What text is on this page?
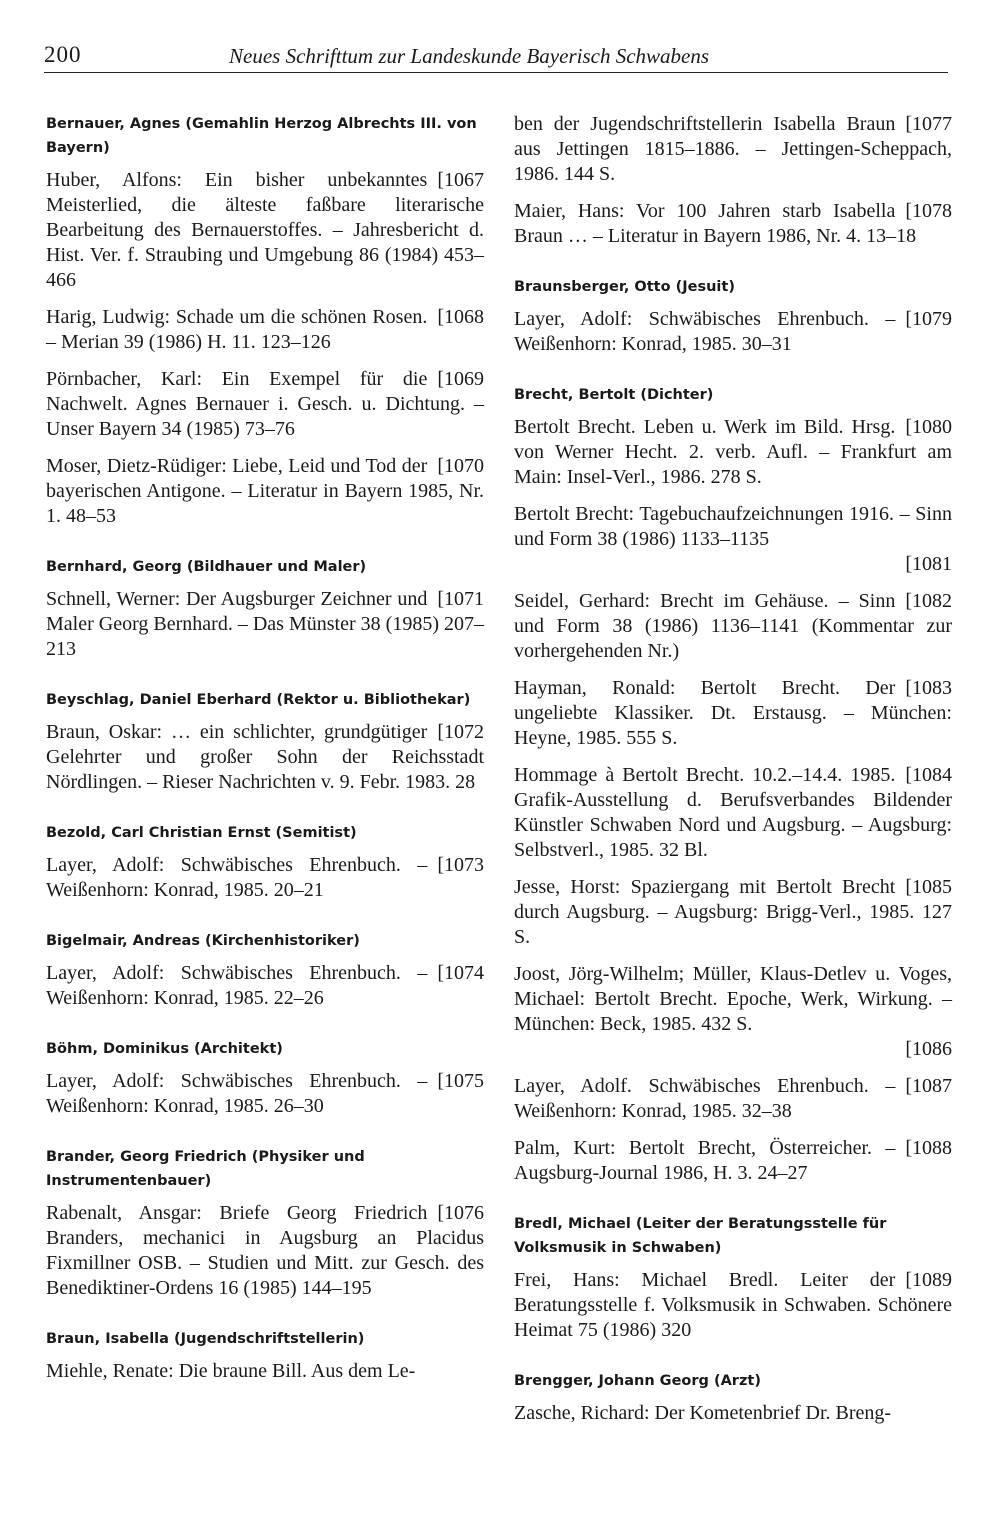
200	Neues Schrifttum zur Landeskunde Bayerisch Schwabens
Bernauer, Agnes (Gemahlin Herzog Albrechts III. von Bayern)
[1067
Huber, Alfons: Ein bisher unbekanntes Meisterlied, die älteste faßbare literarische Bearbeitung des Bernauerstoffes. – Jahresbericht d. Hist. Ver. f. Straubing und Umgebung 86 (1984) 453–466
[1068
Harig, Ludwig: Schade um die schönen Rosen. – Merian 39 (1986) H. 11. 123–126
[1069
Pörnbacher, Karl: Ein Exempel für die Nachwelt. Agnes Bernauer i. Gesch. u. Dichtung. – Unser Bayern 34 (1985) 73–76
[1070
Moser, Dietz-Rüdiger: Liebe, Leid und Tod der bayerischen Antigone. – Literatur in Bayern 1985, Nr. 1. 48–53
Bernhard, Georg (Bildhauer und Maler)
[1071
Schnell, Werner: Der Augsburger Zeichner und Maler Georg Bernhard. – Das Münster 38 (1985) 207–213
Beyschlag, Daniel Eberhard (Rektor u. Bibliothekar)
[1072
Braun, Oskar: … ein schlichter, grundgütiger Gelehrter und großer Sohn der Reichsstadt Nördlingen. – Rieser Nachrichten v. 9. Febr. 1983. 28
Bezold, Carl Christian Ernst (Semitist)
[1073
Layer, Adolf: Schwäbisches Ehrenbuch. – Weißenhorn: Konrad, 1985. 20–21
Bigelmair, Andreas (Kirchenhistoriker)
[1074
Layer, Adolf: Schwäbisches Ehrenbuch. – Weißenhorn: Konrad, 1985. 22–26
Böhm, Dominikus (Architekt)
[1075
Layer, Adolf: Schwäbisches Ehrenbuch. – Weißenhorn: Konrad, 1985. 26–30
Brander, Georg Friedrich (Physiker und Instrumentenbauer)
[1076
Rabenalt, Ansgar: Briefe Georg Friedrich Branders, mechanici in Augsburg an Placidus Fixmillner OSB. – Studien und Mitt. zur Gesch. des Benediktiner-Ordens 16 (1985) 144–195
Braun, Isabella (Jugendschriftstellerin)
Miehle, Renate: Die braune Bill. Aus dem Le-
[1077
ben der Jugendschriftstellerin Isabella Braun aus Jettingen 1815–1886. – Jettingen-Scheppach, 1986. 144 S.
[1078
Maier, Hans: Vor 100 Jahren starb Isabella Braun … – Literatur in Bayern 1986, Nr. 4. 13–18
Braunsberger, Otto (Jesuit)
[1079
Layer, Adolf: Schwäbisches Ehrenbuch. – Weißenhorn: Konrad, 1985. 30–31
Brecht, Bertolt (Dichter)
[1080
Bertolt Brecht. Leben u. Werk im Bild. Hrsg. von Werner Hecht. 2. verb. Aufl. – Frankfurt am Main: Insel-Verl., 1986. 278 S.
Bertolt Brecht: Tagebuchaufzeichnungen 1916. – Sinn und Form 38 (1986) 1133–1135
[1081
[1082
Seidel, Gerhard: Brecht im Gehäuse. – Sinn und Form 38 (1986) 1136–1141 (Kommentar zur vorhergehenden Nr.)
[1083
Hayman, Ronald: Bertolt Brecht. Der ungeliebte Klassiker. Dt. Erstausg. – München: Heyne, 1985. 555 S.
[1084
Hommage à Bertolt Brecht. 10.2.–14.4. 1985. Grafik-Ausstellung d. Berufsverbandes Bildender Künstler Schwaben Nord und Augsburg. – Augsburg: Selbstverl., 1985. 32 Bl.
[1085
Jesse, Horst: Spaziergang mit Bertolt Brecht durch Augsburg. – Augsburg: Brigg-Verl., 1985. 127 S.
Joost, Jörg-Wilhelm; Müller, Klaus-Detlev u. Voges, Michael: Bertolt Brecht. Epoche, Werk, Wirkung. – München: Beck, 1985. 432 S.
[1086
[1087
Layer, Adolf. Schwäbisches Ehrenbuch. – Weißenhorn: Konrad, 1985. 32–38
[1088
Palm, Kurt: Bertolt Brecht, Österreicher. – Augsburg-Journal 1986, H. 3. 24–27
Bredl, Michael (Leiter der Beratungsstelle für Volksmusik in Schwaben)
[1089
Frei, Hans: Michael Bredl. Leiter der Beratungsstelle f. Volksmusik in Schwaben. Schönere Heimat 75 (1986) 320
Brengger, Johann Georg (Arzt)
Zasche, Richard: Der Kometenbrief Dr. Breng-
